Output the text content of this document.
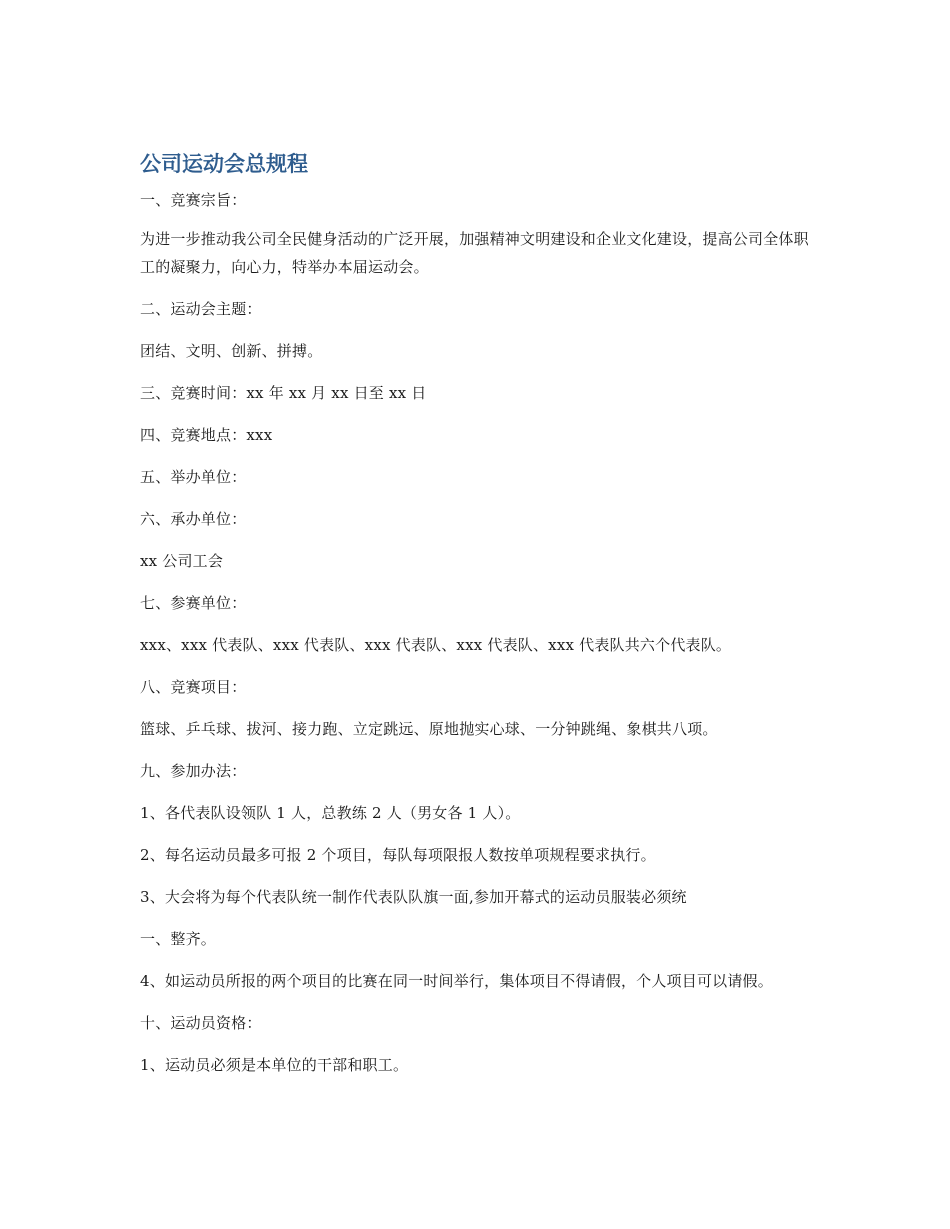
公司运动会总规程

一、竞赛宗旨：

为进一步推动我公司全民健身活动的广泛开展，加强精神文明建设和企业文化建设，提高公司全体职工的凝聚力，向心力，特举办本届运动会。

二、运动会主题：

团结、文明、创新、拼搏。

三、竞赛时间：xx 年 xx 月 xx 日至 xx 日

四、竞赛地点：xxx

五、举办单位：

六、承办单位：

xx 公司工会

七、参赛单位：

xxx、xxx 代表队、xxx 代表队、xxx 代表队、xxx 代表队、xxx 代表队共六个代表队。

八、竞赛项目：

篮球、乒乓球、拔河、接力跑、立定跳远、原地抛实心球、一分钟跳绳、象棋共八项。

九、参加办法：

1、各代表队设领队 1 人，总教练 2 人（男女各 1 人）。

2、每名运动员最多可报 2 个项目，每队每项限报人数按单项规程要求执行。

3、大会将为每个代表队统一制作代表队队旗一面,参加开幕式的运动员服装必须统

一、整齐。

4、如运动员所报的两个项目的比赛在同一时间举行，集体项目不得请假，个人项目可以请假。

十、运动员资格：

1、运动员必须是本单位的干部和职工。
